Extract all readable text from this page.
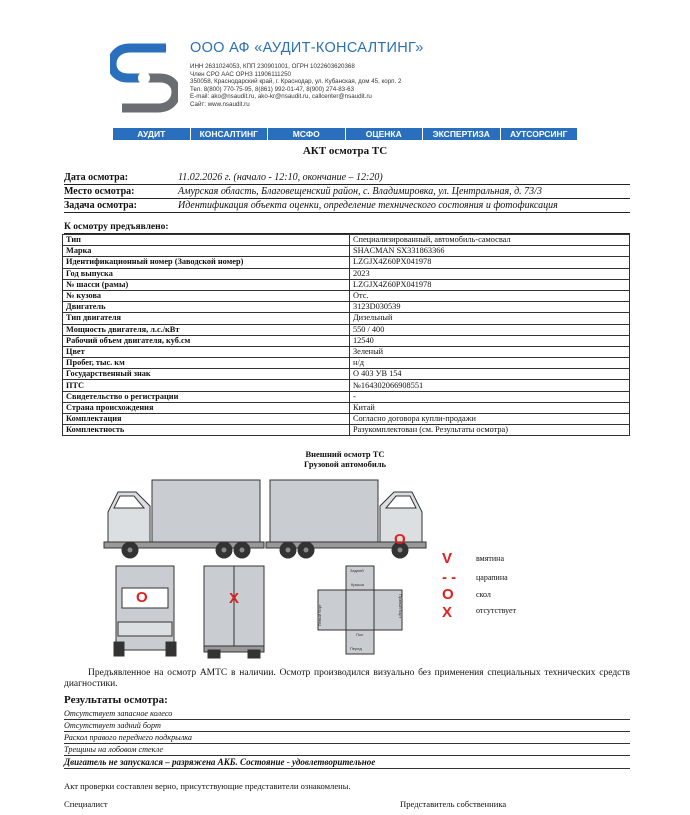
ООО АФ «АУДИТ-КОНСАЛТИНГ»
ИНН 2631024053, КПП 230901001, ОГРН 1022603620368
Член СРО ААС ОРНЗ 11906111250
350058, Краснодарский край, г. Краснодар, ул. Кубанская, дом 45, корп. 2
Тел. 8(800) 770-75-95, 8(861) 992-01-47, 8(900) 274-83-63
E-mail: ako@nsaudit.ru, ako-kr@nsaudit.ru, callcenter@nsaudit.ru
Сайт: www.nsaudit.ru
АУДИТ	КОНСАЛТИНГ	МСФО	ОЦЕНКА	ЭКСПЕРТИЗА	АУТСОРСИНГ
АКТ осмотра ТС
Дата осмотра:	11.02.2026 г. (начало - 12:10, окончание – 12:20)
Место осмотра:	Амурская область, Благовещенский район, с. Владимировка, ул. Центральная, д. 73/3
Задача осмотра:	Идентификация объекта оценки, определение технического состояния и фотофиксация
К осмотру предъявлено:
Тип	Специализированный, автомобиль-самосвал
Марка	SHACMAN SX331863366
Идентификационный номер (Заводской номер)	LZGJX4Z60PX041978
Год выпуска	2023
№ шасси (рамы)	LZGJX4Z60PX041978
№ кузова	Отс.
Двигатель	3123D030539
Тип двигателя	Дизельный
Мощность двигателя, л.с./кВт	550 / 400
Рабочий объем двигателя, куб.см	12540
Цвет	Зеленый
Пробег, тыс. км	н/д
Государственный знак	О 403 УВ 154
ПТС	№164302066908551
Свидетельство о регистрации	-
Страна происхождения	Китай
Комплектация	Согласно договора купли-продажи
Комплектность	Разукомплектован (см. Результаты осмотра)
Внешний осмотр ТС
Грузовой автомобиль
O
O	X
Левый борт	Правый борт
Крыша
Пол
Перед
Задний
V	вмятина
- - царапина
O	скол
X	отсутствует
Предъявленное на осмотр АМТС в наличии. Осмотр производился визуально без применения специальных технических средств диагностики.
Результаты осмотра:
Отсутствует запасное колесо
Отсутствует задний борт
Раскол правого переднего подкрылка
Трещины на лобовом стекле
Двигатель не запускался – разряжена АКБ. Состояние - удовлетворительное
Акт проверки составлен верно, присутствующие представители ознакомлены.
Специалист	Представитель собственника
